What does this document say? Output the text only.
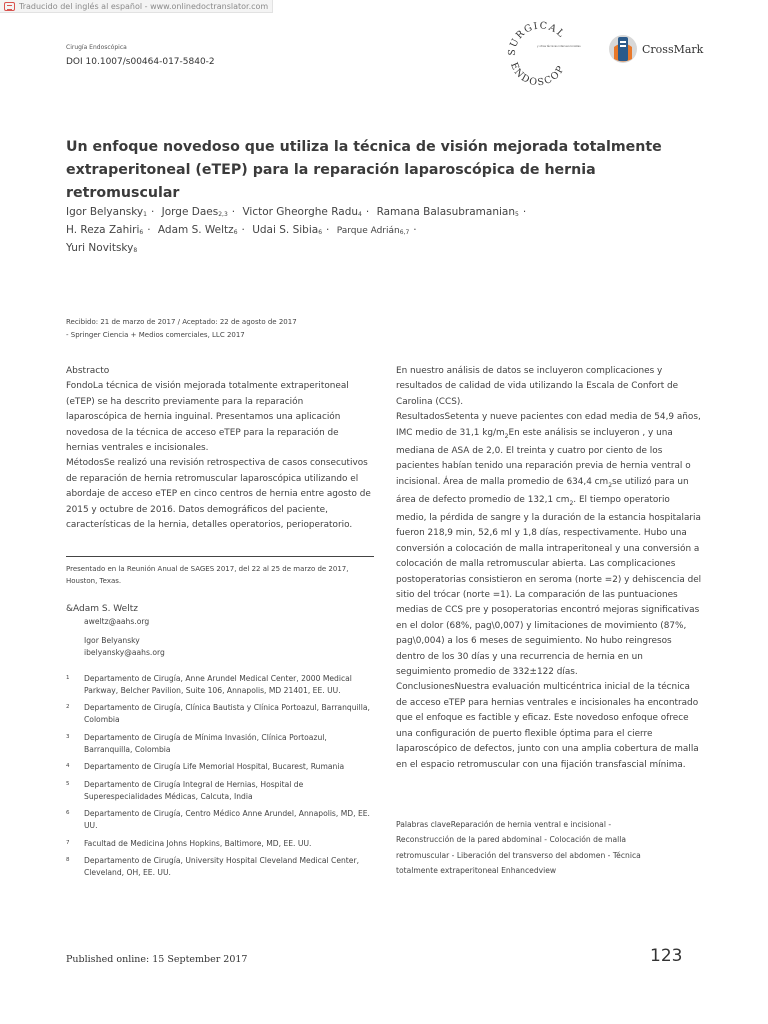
Traducido del inglés al español - www.onlinedoctranslator.com
Cirugía Endoscópica
DOI 10.1007/s00464-017-5840-2
SURGICAL
ENDOSCOP
y otras técnicas intervencionistas	CrossMark
Un enfoque novedoso que utiliza la técnica de visión mejorada totalmente
extraperitoneal (eTEP) para la reparación laparoscópica de hernia retromuscular
Igor Belyansky$_1$ · Jorge Daes$_{2,3}$ · Victor Gheorghe Radu$_4$ · Ramana Balasubramanian$_5$ ·
H. Reza Zahiri$_6$ · Adam S. Weltz$_6$ · Udai S. Sibia$_6$ · Parque Adrián$_{6,7}$ ·
Yuri Novitsky$_8$
Recibido: 21 de marzo de 2017 / Aceptado: 22 de agosto de 2017
- Springer Ciencia + Medios comerciales, LLC 2017

Abstracto

FondoLa técnica de visión mejorada totalmente extraperitoneal

(eTEP) se ha descrito previamente para la reparación

laparoscópica de hernia inguinal. Presentamos una aplicación

novedosa de la técnica de acceso eTEP para la reparación de

hernias ventrales e incisionales.

MétodosSe realizó una revisión retrospectiva de casos consecutivos

de reparación de hernia retromuscular laparoscópica utilizando el

abordaje de acceso eTEP en cinco centros de hernia entre agosto de

2015 y octubre de 2016. Datos demográficos del paciente,

características de la hernia, detalles operatorios, perioperatorio.

Presentado en la Reunión Anual de SAGES 2017, del 22 al 25 de marzo de 2017,
Houston, Texas.
&Adam S. Weltz
aweltz@aahs.org
Igor Belyansky
ibelyansky@aahs.org
1	Departamento de Cirugía, Anne Arundel Medical Center, 2000 Medical Parkway, Belcher Pavilion, Suite 106, Annapolis, MD 21401, EE. UU.
2	Departamento de Cirugía, Clínica Bautista y Clínica Portoazul, Barranquilla, Colombia
3	Departamento de Cirugía de Mínima Invasión, Clínica Portoazul, Barranquilla, Colombia
4	Departamento de Cirugía Life Memorial Hospital, Bucarest, Rumania
5	Departamento de Cirugía Integral de Hernias, Hospital de Superespecialidades Médicas, Calcuta, India
6	Departamento de Cirugía, Centro Médico Anne Arundel, Annapolis, MD, EE. UU.
7	Facultad de Medicina Johns Hopkins, Baltimore, MD, EE. UU.
8	Departamento de Cirugía, University Hospital Cleveland Medical Center, Cleveland, OH, EE. UU.

En nuestro análisis de datos se incluyeron complicaciones y

resultados de calidad de vida utilizando la Escala de Confort de

Carolina (CCS).

ResultadosSetenta y nueve pacientes con edad media de 54,9 años,

IMC medio de 31,1 $kg/m_2En$ este análisis se incluyeron , y una

mediana de ASA de 2,0. El treinta y cuatro por ciento de los

pacientes habían tenido una reparación previa de hernia ventral o

incisional. Área de malla promedio de 634,4 $cm_2se$ utilizó para un

área de defecto promedio de 132,1 $cm_2$. El tiempo operatorio

medio, la pérdida de sangre y la duración de la estancia hospitalaria

fueron 218,9 min, 52,6 ml y 1,8 días, respectivamente. Hubo una

conversión a colocación de malla intraperitoneal y una conversión a

colocación de malla retromuscular abierta. Las complicaciones

postoperatorias consistieron en seroma (norte =2) y dehiscencia del

sitio del trócar (norte =1). La comparación de las puntuaciones

medias de CCS pre y posoperatorias encontró mejoras significativas

en el dolor (68%, pag\0,007) y limitaciones de movimiento (87%,

pag\0,004) a los 6 meses de seguimiento. No hubo reingresos

dentro de los 30 días y una recurrencia de hernia en un

seguimiento promedio de 332±122 días.

ConclusionesNuestra evaluación multicéntrica inicial de la técnica

de acceso eTEP para hernias ventrales e incisionales ha encontrado

que el enfoque es factible y eficaz. Este novedoso enfoque ofrece

una configuración de puerto flexible óptima para el cierre

laparoscópico de defectos, junto con una amplia cobertura de malla

en el espacio retromuscular con una fijación transfascial mínima.

Palabras claveReparación de hernia ventral e incisional -
Reconstrucción de la pared abdominal - Colocación de malla
retromuscular - Liberación del transverso del abdomen - Técnica
totalmente extraperitoneal Enhancedview
Published online: 15 September 2017	123
